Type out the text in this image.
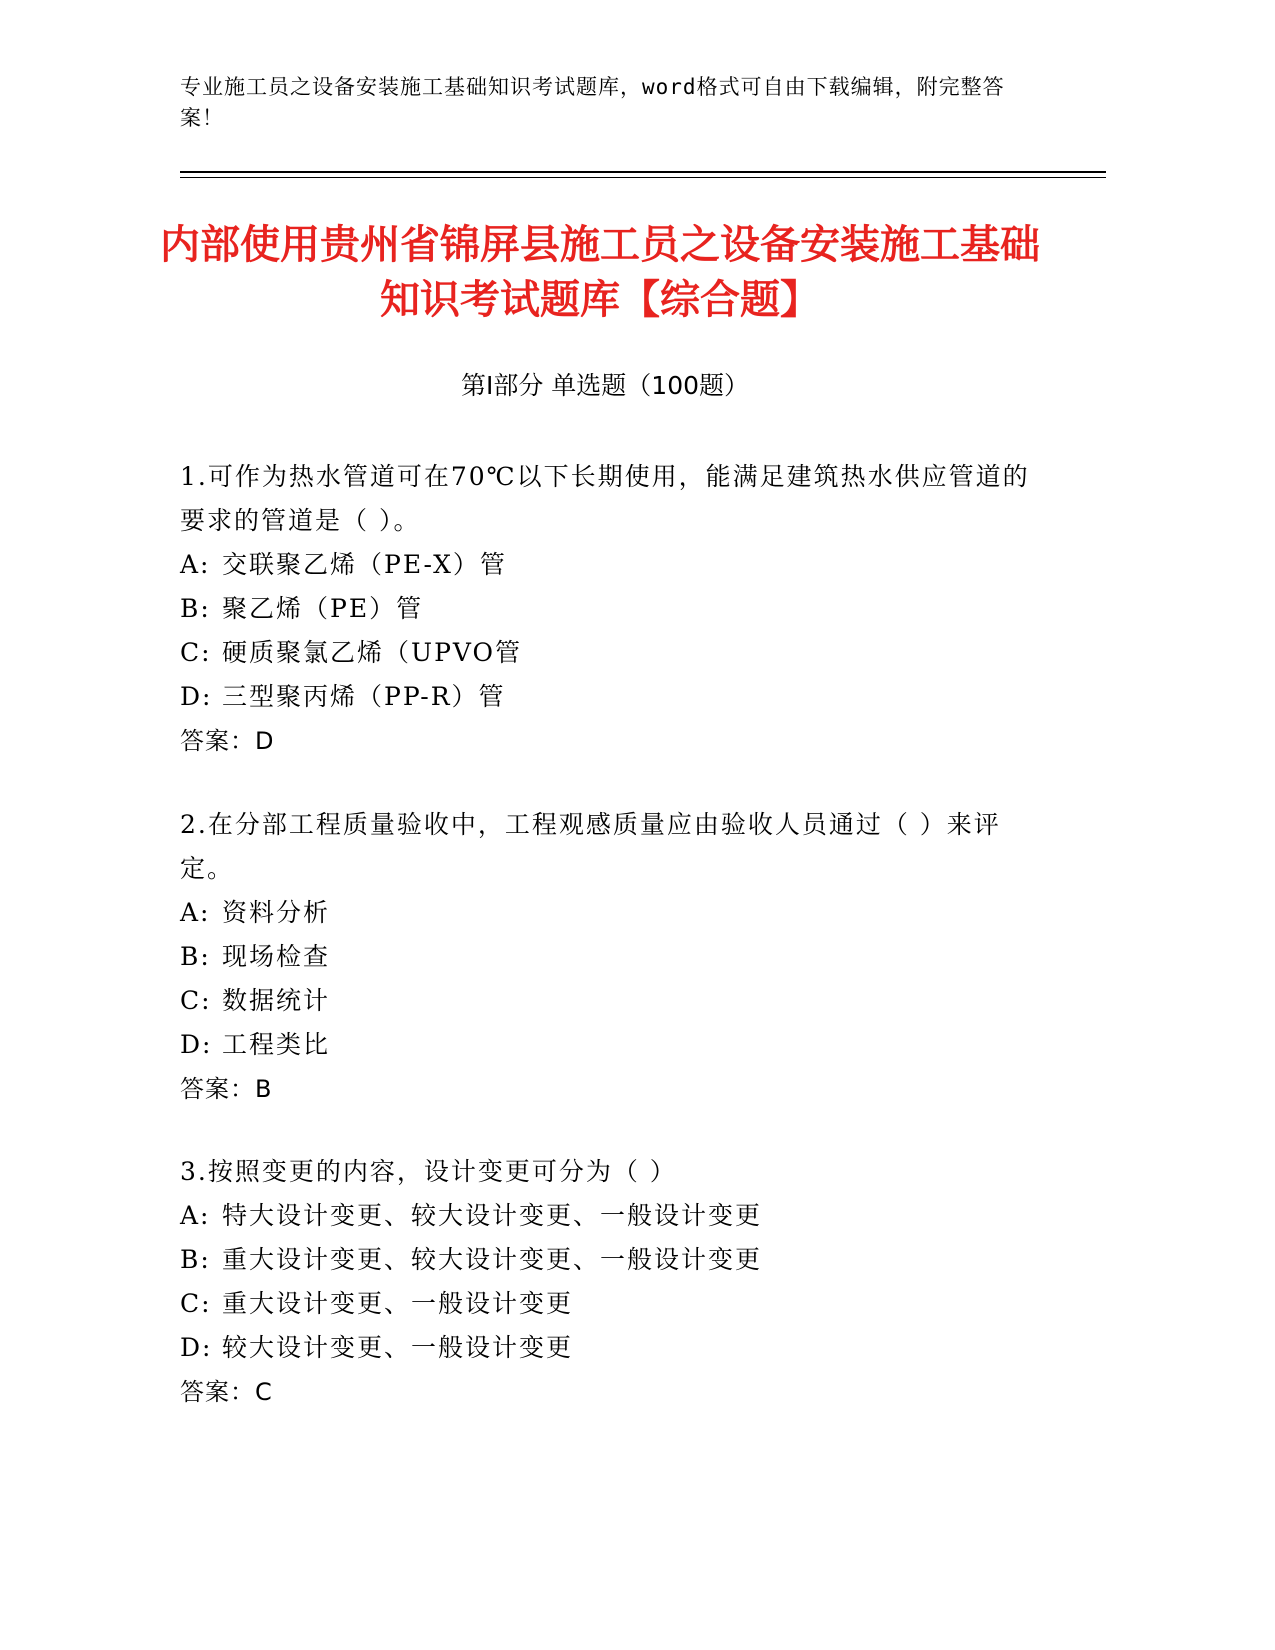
专业施工员之设备安装施工基础知识考试题库，word格式可自由下载编辑，附完整答案！
内部使用贵州省锦屏县施工员之设备安装施工基础知识考试题库【综合题】
第Ⅰ部分 单选题（100题）
1.可作为热水管道可在70℃以下长期使用，能满足建筑热水供应管道的要求的管道是（ ）。
A: 交联聚乙烯（PE-X）管
B: 聚乙烯（PE）管
C: 硬质聚氯乙烯（UPVO管
D: 三型聚丙烯（PP-R）管
答案：D
2.在分部工程质量验收中，工程观感质量应由验收人员通过（ ）来评定。
A: 资料分析
B: 现场检查
C: 数据统计
D: 工程类比
答案：B
3.按照变更的内容，设计变更可分为（ ）
A: 特大设计变更、较大设计变更、一般设计变更
B: 重大设计变更、较大设计变更、一般设计变更
C: 重大设计变更、一般设计变更
D: 较大设计变更、一般设计变更
答案：C
